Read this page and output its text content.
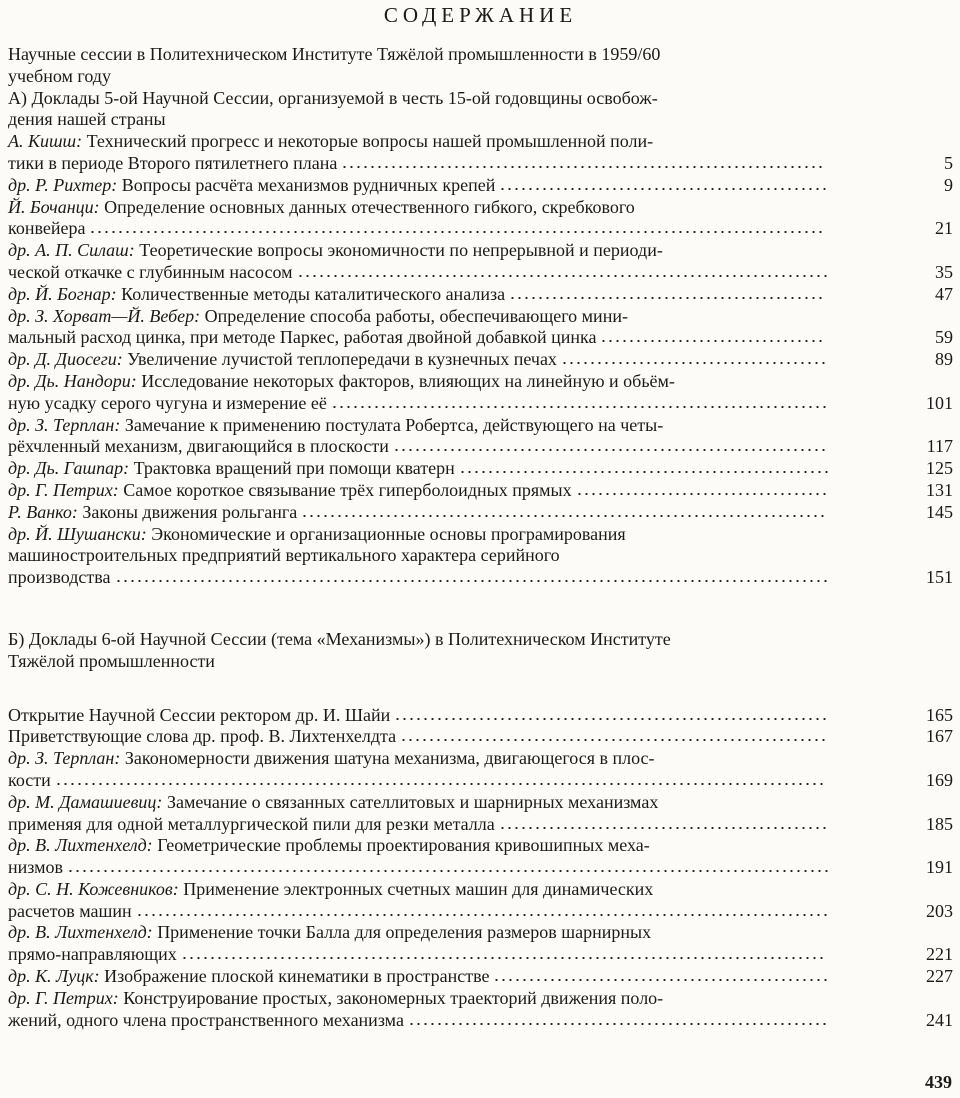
СОДЕРЖАНИЕ
Научные сессии в Политехническом Институте Тяжёлой промышленности в 1959/60
учебном году
А) Доклады 5-ой Научной Сессии, организуемой в честь 15-ой годовщины освобож-
дения нашей страны
А. Кишш: Технический прогресс и некоторые вопросы нашей промышленной поли-
тики в периоде Второго пятилетнего плана	5
др. Р. Рихтер: Вопросы расчёта механизмов рудничных крепей	9
Й. Бочанци: Определение основных данных отечественного гибкого, скребкового
конвейера	21
др. А. П. Силаш: Теоретические вопросы экономичности по непрерывной и периоди-
ческой откачке с глубинным насосом	35
др. Й. Богнар: Количественные методы каталитического анализа	47
др. З. Хорват—Й. Вебер: Определение способа работы, обеспечивающего мини-
мальный расход цинка, при методе Паркес, работая двойной добавкой цинка	59
др. Д. Диосеги: Увеличение лучистой теплопередачи в кузнечных печах	89
др. Дь. Нандори: Исследование некоторых факторов, влияющих на линейную и обьём-
ную усадку серого чугуна и измерение её	101
др. З. Терплан: Замечание к применению постулата Робертса, действующего на четы-
рёхчленный механизм, двигающийся в плоскости	117
др. Дь. Гашпар: Трактовка вращений при помощи кватерн	125
др. Г. Петрих: Самое короткое связывание трёх гиперболоидных прямых	131
Р. Ванко: Законы движения рольганга	145
др. Й. Шушански: Экономические и организационные основы програмирования
машиностроительных предприятий вертикального характера серийного
производства	151
Б) Доклады 6-ой Научной Сессии (тема «Механизмы») в Политехническом Институте
Тяжёлой промышленности
Открытие Научной Сессии ректором др. И. Шайи	165
Приветствующие слова др. проф. В. Лихтенхелдта	167
др. З. Терплан: Закономерности движения шатуна механизма, двигающегося в плос-
кости	169
др. М. Дамашиевиц: Замечание о связанных сателлитовых и шарнирных механизмах
применяя для одной металлургической пили для резки металла	185
др. В. Лихтенхелд: Геометрические проблемы проектирования кривошипных меха-
низмов	191
др. С. Н. Кожевников: Применение электронных счетных машин для динамических
расчетов машин	203
др. В. Лихтенхелд: Применение точки Балла для определения размеров шарнирных
прямо-направляющих	221
др. К. Луцк: Изображение плоской кинематики в пространстве	227
др. Г. Петрих: Конструирование простых, закономерных траекторий движения поло-
жений, одного члена пространственного механизма	241
439
